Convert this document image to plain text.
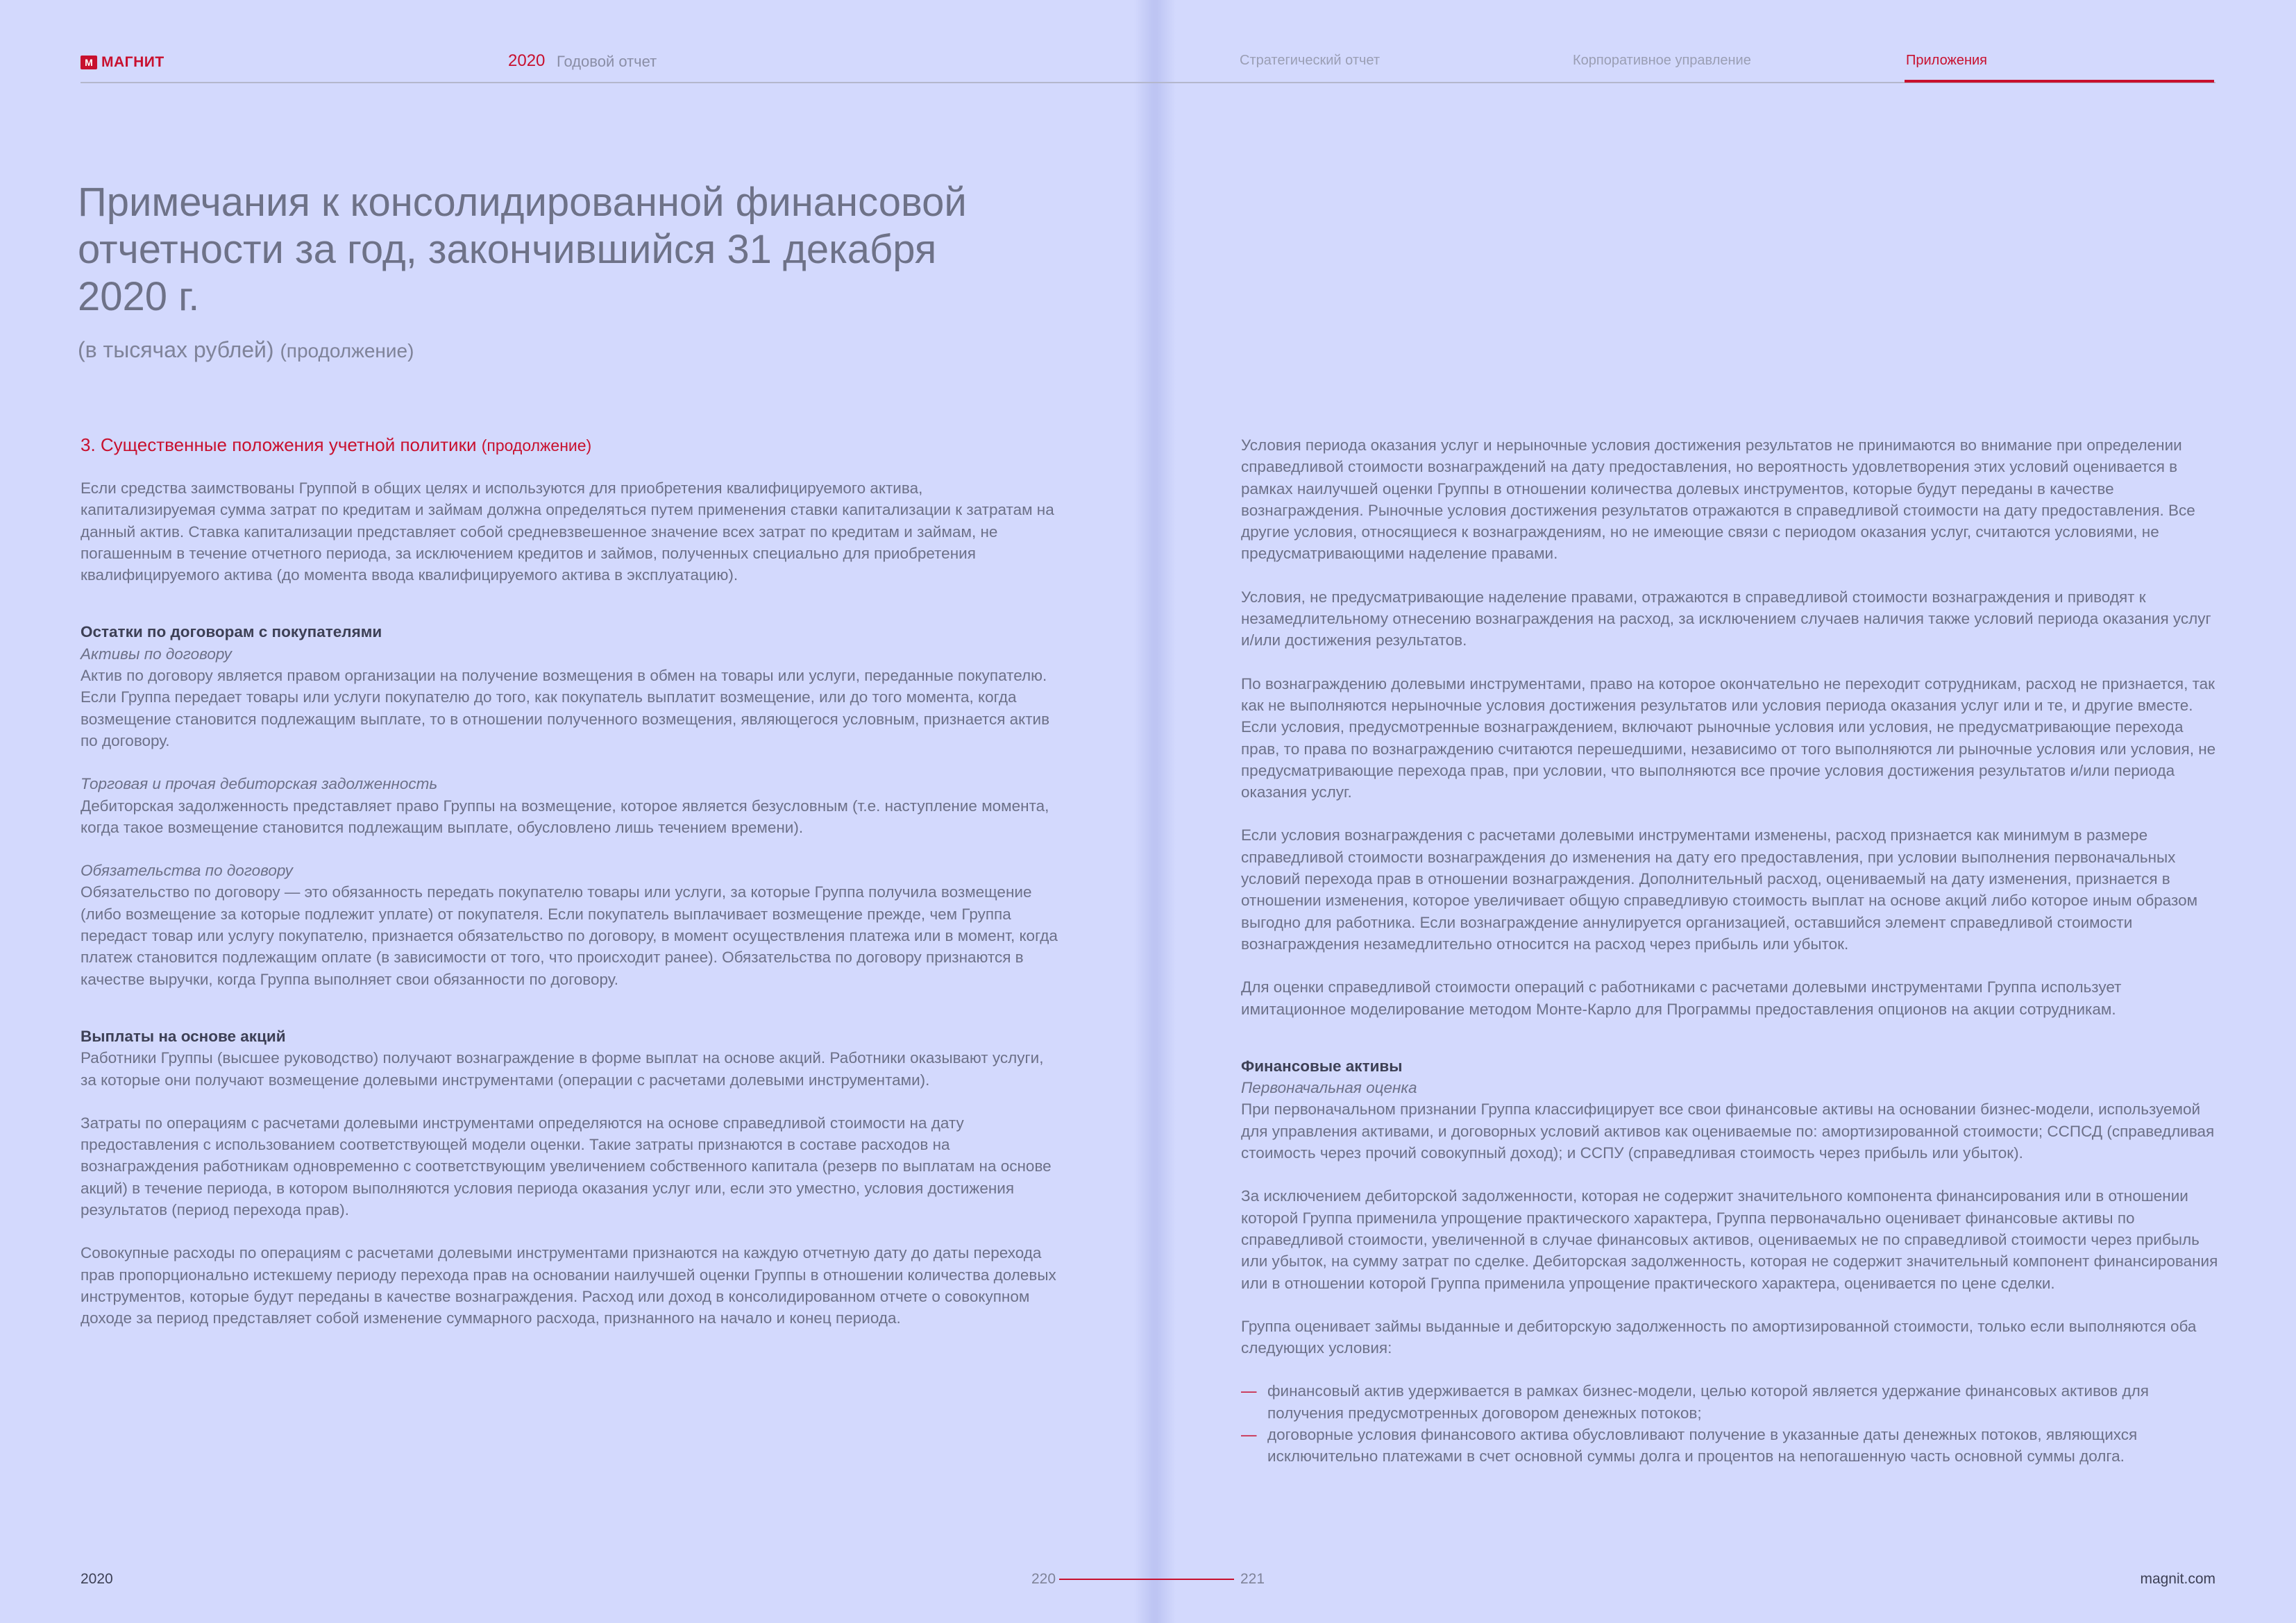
M МАГНИТ	2020 Годовой отчет	Стратегический отчет	Корпоративное управление	Приложения
Примечания к консолидированной финансовой отчетности за год, закончившийся 31 декабря 2020 г.
(в тысячах рублей) (продолжение)
3. Существенные положения учетной политики (продолжение)

Если средства заимствованы Группой в общих целях и используются для приобретения квалифицируемого актива, капитализируемая сумма затрат по кредитам и займам должна определяться путем применения ставки капитализации к затратам на данный актив. Ставка капитализации представляет собой средневзвешенное значение всех затрат по кредитам и займам, не погашенным в течение отчетного периода, за исключением кредитов и займов, полученных специально для приобретения квалифицируемого актива (до момента ввода квалифицируемого актива в эксплуатацию).

Остатки по договорам с покупателями

Активы по договору

Актив по договору является правом организации на получение возмещения в обмен на товары или услуги, переданные покупателю. Если Группа передает товары или услуги покупателю до того, как покупатель выплатит возмещение, или до того момента, когда возмещение становится подлежащим выплате, то в отношении полученного возмещения, являющегося условным, признается актив по договору.

Торговая и прочая дебиторская задолженность

Дебиторская задолженность представляет право Группы на возмещение, которое является безусловным (т.е. наступление момента, когда такое возмещение становится подлежащим выплате, обусловлено лишь течением времени).

Обязательства по договору

Обязательство по договору — это обязанность передать покупателю товары или услуги, за которые Группа получила возмещение (либо возмещение за которые подлежит уплате) от покупателя. Если покупатель выплачивает возмещение прежде, чем Группа передаст товар или услугу покупателю, признается обязательство по договору, в момент осуществления платежа или в момент, когда платеж становится подлежащим оплате (в зависимости от того, что происходит ранее). Обязательства по договору признаются в качестве выручки, когда Группа выполняет свои обязанности по договору.

Выплаты на основе акций

Работники Группы (высшее руководство) получают вознаграждение в форме выплат на основе акций. Работники оказывают услуги, за которые они получают возмещение долевыми инструментами (операции с расчетами долевыми инструментами).

Затраты по операциям с расчетами долевыми инструментами определяются на основе справедливой стоимости на дату предоставления с использованием соответствующей модели оценки. Такие затраты признаются в составе расходов на вознаграждения работникам одновременно с соответствующим увеличением собственного капитала (резерв по выплатам на основе акций) в течение периода, в котором выполняются условия периода оказания услуг или, если это уместно, условия достижения результатов (период перехода прав).

Совокупные расходы по операциям с расчетами долевыми инструментами признаются на каждую отчетную дату до даты перехода прав пропорционально истекшему периоду перехода прав на основании наилучшей оценки Группы в отношении количества долевых инструментов, которые будут переданы в качестве вознаграждения. Расход или доход в консолидированном отчете о совокупном доходе за период представляет собой изменение суммарного расхода, признанного на начало и конец периода.

Условия периода оказания услуг и нерыночные условия достижения результатов не принимаются во внимание при определении справедливой стоимости вознаграждений на дату предоставления, но вероятность удовлетворения этих условий оценивается в рамках наилучшей оценки Группы в отношении количества долевых инструментов, которые будут переданы в качестве вознаграждения. Рыночные условия достижения результатов отражаются в справедливой стоимости на дату предоставления. Все другие условия, относящиеся к вознаграждениям, но не имеющие связи с периодом оказания услуг, считаются условиями, не предусматривающими наделение правами.

Условия, не предусматривающие наделение правами, отражаются в справедливой стоимости вознаграждения и приводят к незамедлительному отнесению вознаграждения на расход, за исключением случаев наличия также условий периода оказания услуг и/или достижения результатов.

По вознаграждению долевыми инструментами, право на которое окончательно не переходит сотрудникам, расход не признается, так как не выполняются нерыночные условия достижения результатов или условия периода оказания услуг или и те, и другие вместе. Если условия, предусмотренные вознаграждением, включают рыночные условия или условия, не предусматривающие перехода прав, то права по вознаграждению считаются перешедшими, независимо от того выполняются ли рыночные условия или условия, не предусматривающие перехода прав, при условии, что выполняются все прочие условия достижения результатов и/или периода оказания услуг.

Если условия вознаграждения с расчетами долевыми инструментами изменены, расход признается как минимум в размере справедливой стоимости вознаграждения до изменения на дату его предоставления, при условии выполнения первоначальных условий перехода прав в отношении вознаграждения. Дополнительный расход, оцениваемый на дату изменения, признается в отношении изменения, которое увеличивает общую справедливую стоимость выплат на основе акций либо которое иным образом выгодно для работника. Если вознаграждение аннулируется организацией, оставшийся элемент справедливой стоимости вознаграждения незамедлительно относится на расход через прибыль или убыток.

Для оценки справедливой стоимости операций с работниками с расчетами долевыми инструментами Группа использует имитационное моделирование методом Монте-Карло для Программы предоставления опционов на акции сотрудникам.

Финансовые активы

Первоначальная оценка

При первоначальном признании Группа классифицирует все свои финансовые активы на основании бизнес-модели, используемой для управления активами, и договорных условий активов как оцениваемые по: амортизированной стоимости; ССПСД (справедливая стоимость через прочий совокупный доход); и ССПУ (справедливая стоимость через прибыль или убыток).

За исключением дебиторской задолженности, которая не содержит значительного компонента финансирования или в отношении которой Группа применила упрощение практического характера, Группа первоначально оценивает финансовые активы по справедливой стоимости, увеличенной в случае финансовых активов, оцениваемых не по справедливой стоимости через прибыль или убыток, на сумму затрат по сделке. Дебиторская задолженность, которая не содержит значительный компонент финансирования или в отношении которой Группа применила упрощение практического характера, оценивается по цене сделки.

Группа оценивает займы выданные и дебиторскую задолженность по амортизированной стоимости, только если выполняются оба следующих условия:

— финансовый актив удерживается в рамках бизнес-модели, целью которой является удержание финансовых активов для получения предусмотренных договором денежных потоков;
— договорные условия финансового актива обусловливают получение в указанные даты денежных потоков, являющихся исключительно платежами в счет основной суммы долга и процентов на непогашенную часть основной суммы долга.
2020	220	221	magnit.com
